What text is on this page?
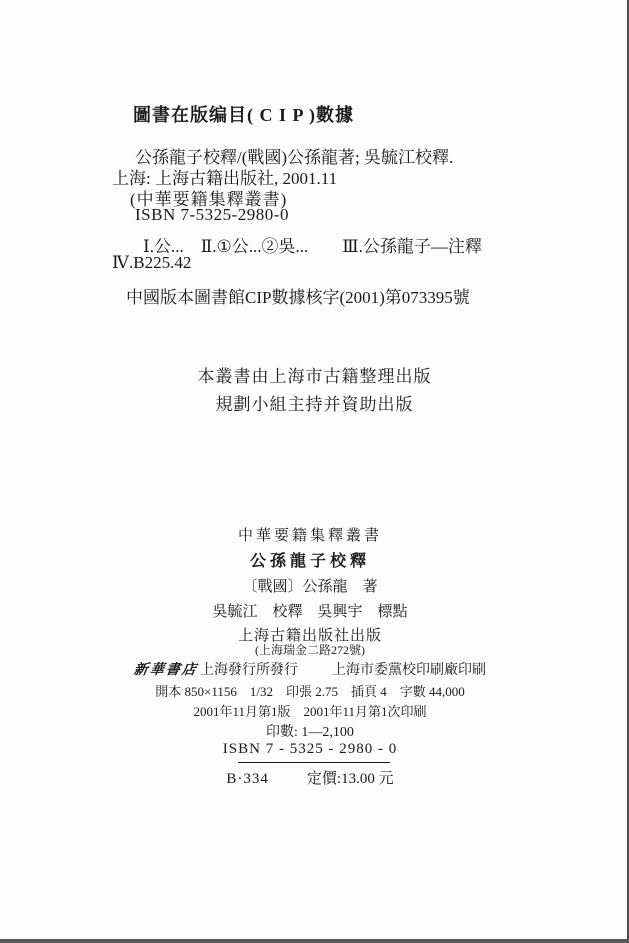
圖書在版编目( C I P )數據
公孫龍子校釋/(戰國)公孫龍著; 吳毓江校釋.
上海: 上海古籍出版社, 2001.11
(中華要籍集釋叢書)
ISBN 7-5325-2980-0
Ⅰ.公...　Ⅱ.①公...②吳...　　Ⅲ.公孫龍子—注釋
Ⅳ.B225.42
中國版本圖書館CIP數據核字(2001)第073395號
本叢書由上海市古籍整理出版
規劃小組主持并資助出版
中華要籍集釋叢書
公孫龍子校釋
〔戰國〕公孫龍　著
吳毓江　校釋　吳興宇　標點
上海古籍出版社出版
(上海瑞金二路272號)
新華書店 上海發行所發行 上海市委黨校印刷廠印刷
開本 850×1156　1/32　印張 2.75　插頁 4　字數 44,000
2001年11月第1版　2001年11月第1次印刷
印數: 1—2,100
ISBN 7 - 5325 - 2980 - 0
B·334	定價:13.00 元
